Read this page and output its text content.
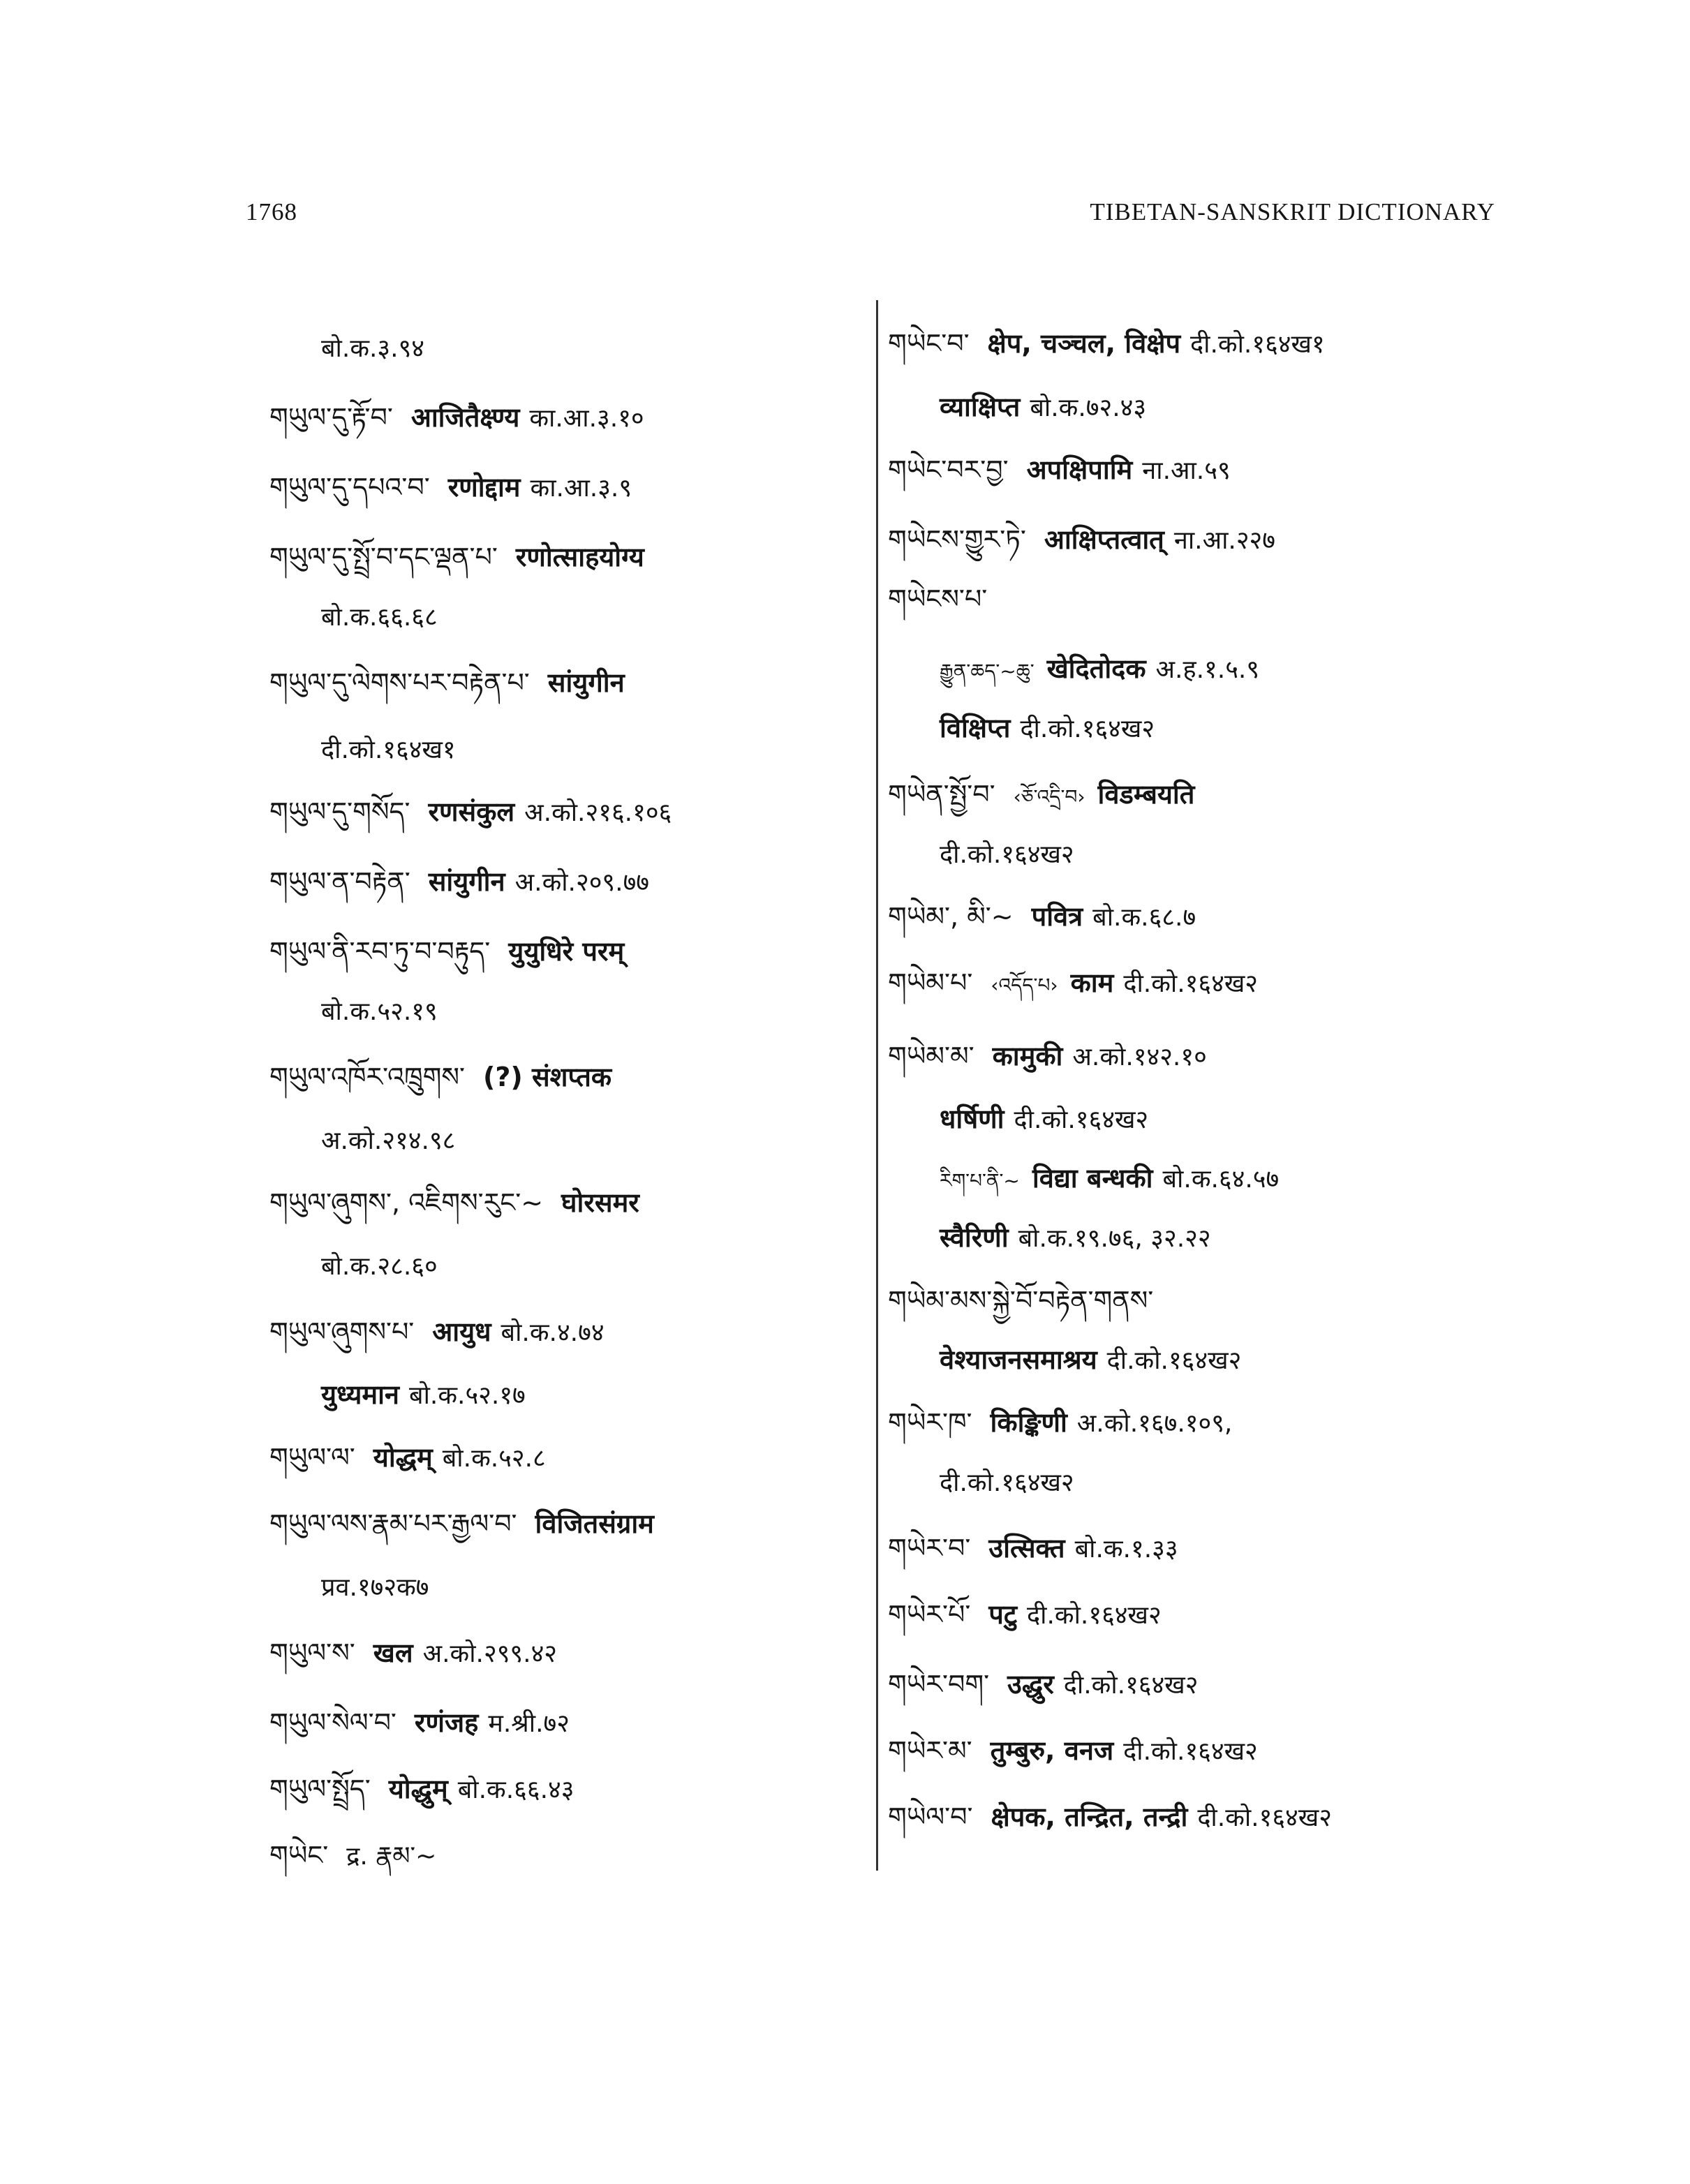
1768	TIBETAN-SANSKRIT DICTIONARY
बो.क.३.९४
གཡུལ་དུ་རྟོ་བ་ आजितैक्ष्ण्य का.आ.३.१०
གཡུལ་དུ་དཔའ་བ་ रणोद्दाम का.आ.३.९
གཡུལ་དུ་སྤྲོ་བ་དང་ལྡན་པ་ रणोत्साहयोग्य
बो.क.६६.६८
གཡུལ་དུ་ལེགས་པར་བརྟེན་པ་ सांयुगीन
दी.को.१६४ख१
གཡུལ་དུ་གསོད་ रणसंकुल अ.को.२१६.१०६
གཡུལ་ན་བརྟེན་ सांयुगीन अ.को.२०९.७७
གཡུལ་ནི་རབ་ཏུ་བ་བརྟུད་ युयुधिरे परम्
बो.क.५२.१९
གཡུལ་འཁོར་འཁྲུགས་ (?) संशप्तक
अ.को.२१४.९८
གཡུལ་ཞུགས་, འཇིགས་རུང་~ घोरसमर
बो.क.२८.६०
གཡུལ་ཞུགས་པ་ आयुध बो.क.४.७४
युध्यमान बो.क.५२.१७
གཡུལ་ལ་ योद्धम् बो.क.५२.८
གཡུལ་ལས་རྣམ་པར་རྒྱལ་བ་ विजितसंग्राम
प्रव.१७२क७
གཡུལ་ས་ खल अ.को.२९९.४२
གཡུལ་སེལ་བ་ रणंजह म.श्री.७२
གཡུལ་སྤྲོད་ योद्धुम् बो.क.६६.४३
གཡེང་ द्र. རྣམ་~
གཡེང་བ་ क्षेप, चञ्चल, विक्षेप दी.को.१६४ख१
व्याक्षिप्त बो.क.७२.४३
གཡེང་བར་བྱ་ अपक्षिपामि ना.आ.५९
གཡེངས་གྱུར་ཏེ་ आक्षिप्तत्वात् ना.आ.२२७
གཡེངས་པ་
རྒྱུན་ཆད་~ཆུ་ खेदितोदक अ.ह.१.५.९
विक्षिप्त दी.को.१६४ख२
གཡེན་སྤྱོ་བ་ ‹ཅོ་འདྲི་བ› विडम्बयति
दी.को.१६४ख२
གཡེམ་, མི་~ पवित्र बो.क.६८.७
གཡེམ་པ་ ‹འདོད་པ› काम दी.को.१६४ख२
གཡེམ་མ་ कामुकी अ.को.१४२.१०
धर्षिणी दी.को.१६४ख२
རིག་པ་ནི་~ विद्या बन्धकी बो.क.६४.५७
स्वैरिणी बो.क.१९.७६, ३२.२२
གཡེམ་མས་སྐྱེ་བོ་བརྟེན་གནས་
वेश्याजनसमाश्रय दी.को.१६४ख२
གཡེར་ཁ་ किङ्किणी अ.को.१६७.१०९,
दी.को.१६४ख२
གཡེར་བ་ उत्सिक्त बो.क.१.३३
གཡེར་པོ་ पटु दी.को.१६४ख२
གཡེར་བག་ उद्धुर दी.को.१६४ख२
གཡེར་མ་ तुम्बुरु, वनज दी.को.१६४ख२
གཡེལ་བ་ क्षेपक, तन्द्रित, तन्द्री दी.को.१६४ख२
